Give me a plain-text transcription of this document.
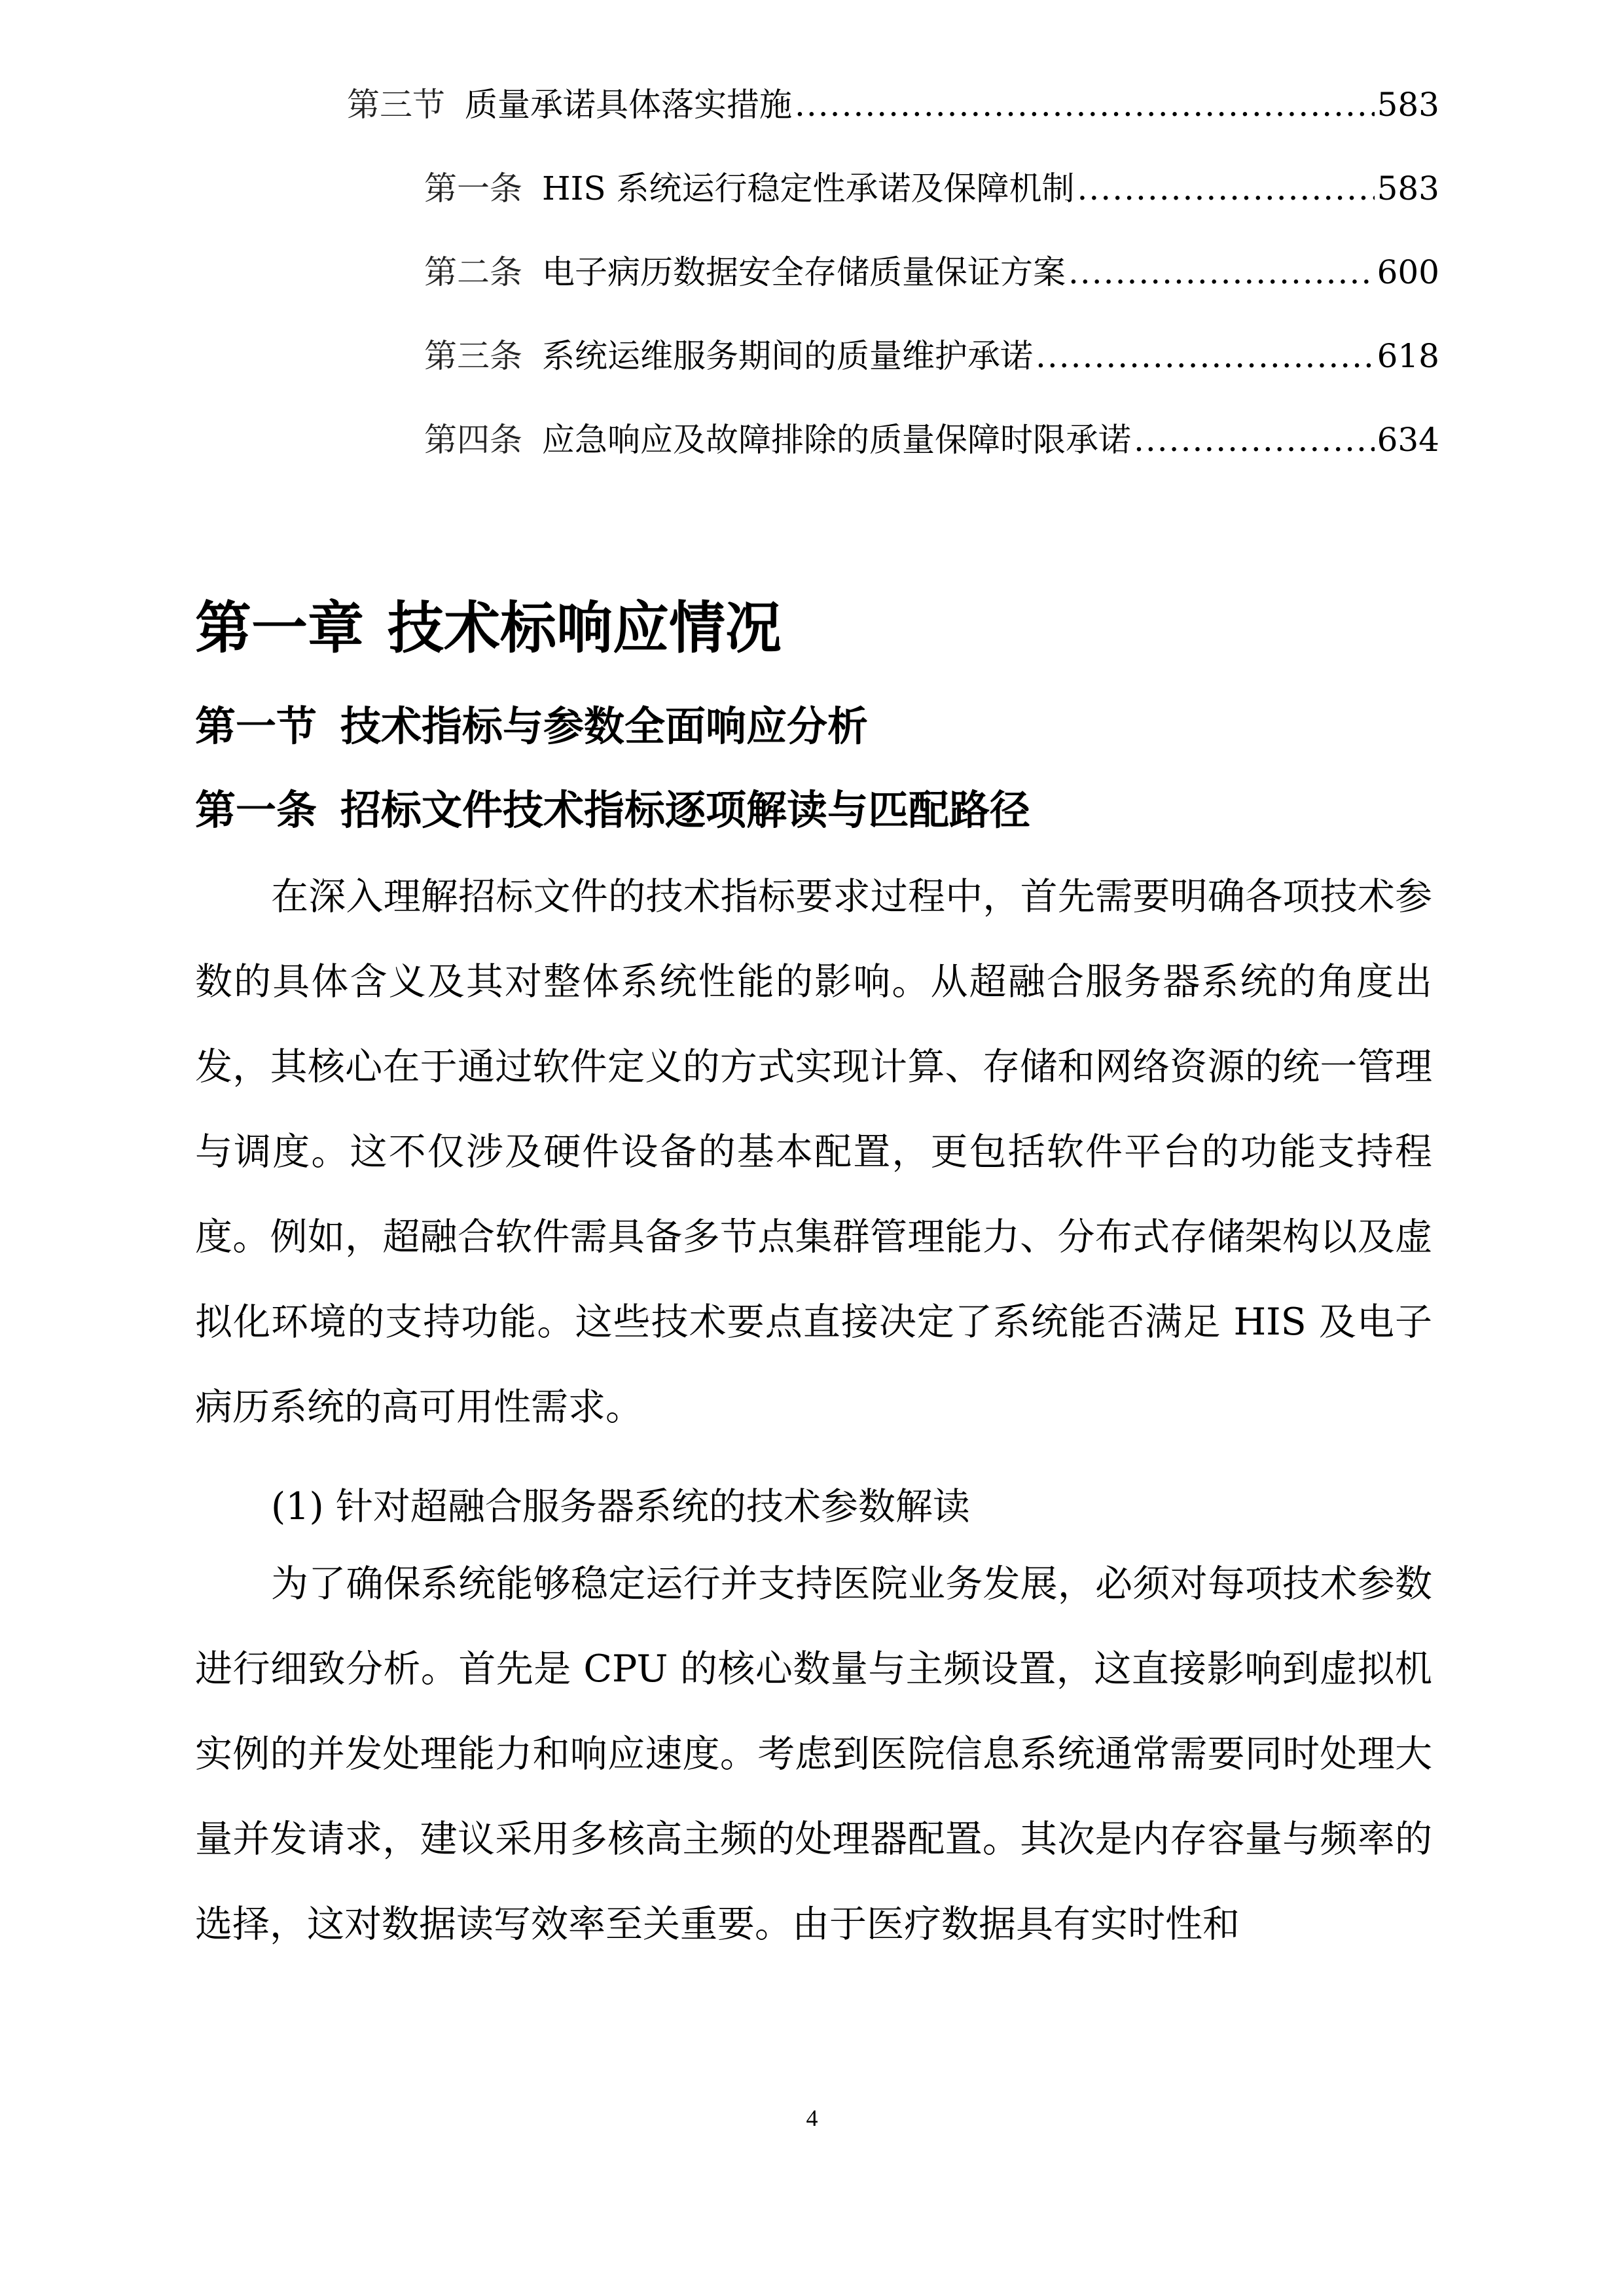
第三节 质量承诺具体落实措施 .....	583
第一条 HIS 系统运行稳定性承诺及保障机制 .....	583
第二条 电子病历数据安全存储质量保证方案 .....	600
第三条 系统运维服务期间的质量维护承诺 .....	618
第四条 应急响应及故障排除的质量保障时限承诺 .....	634
第一章 技术标响应情况
第一节 技术指标与参数全面响应分析
第一条 招标文件技术指标逐项解读与匹配路径

在深入理解招标文件的技术指标要求过程中，首先需要明确各项技术参数的具体含义及其对整体系统性能的影响。从超融合服务器系统的角度出发，其核心在于通过软件定义的方式实现计算、存储和网络资源的统一管理与调度。这不仅涉及硬件设备的基本配置，更包括软件平台的功能支持程度。例如，超融合软件需具备多节点集群管理能力、分布式存储架构以及虚拟化环境的支持功能。这些技术要点直接决定了系统能否满足 HIS 及电子病历系统的高可用性需求。

(1) 针对超融合服务器系统的技术参数解读

为了确保系统能够稳定运行并支持医院业务发展，必须对每项技术参数进行细致分析。首先是 CPU 的核心数量与主频设置，这直接影响到虚拟机实例的并发处理能力和响应速度。考虑到医院信息系统通常需要同时处理大量并发请求，建议采用多核高主频的处理器配置。其次是内存容量与频率的选择，这对数据读写效率至关重要。由于医疗数据具有实时性和

4
